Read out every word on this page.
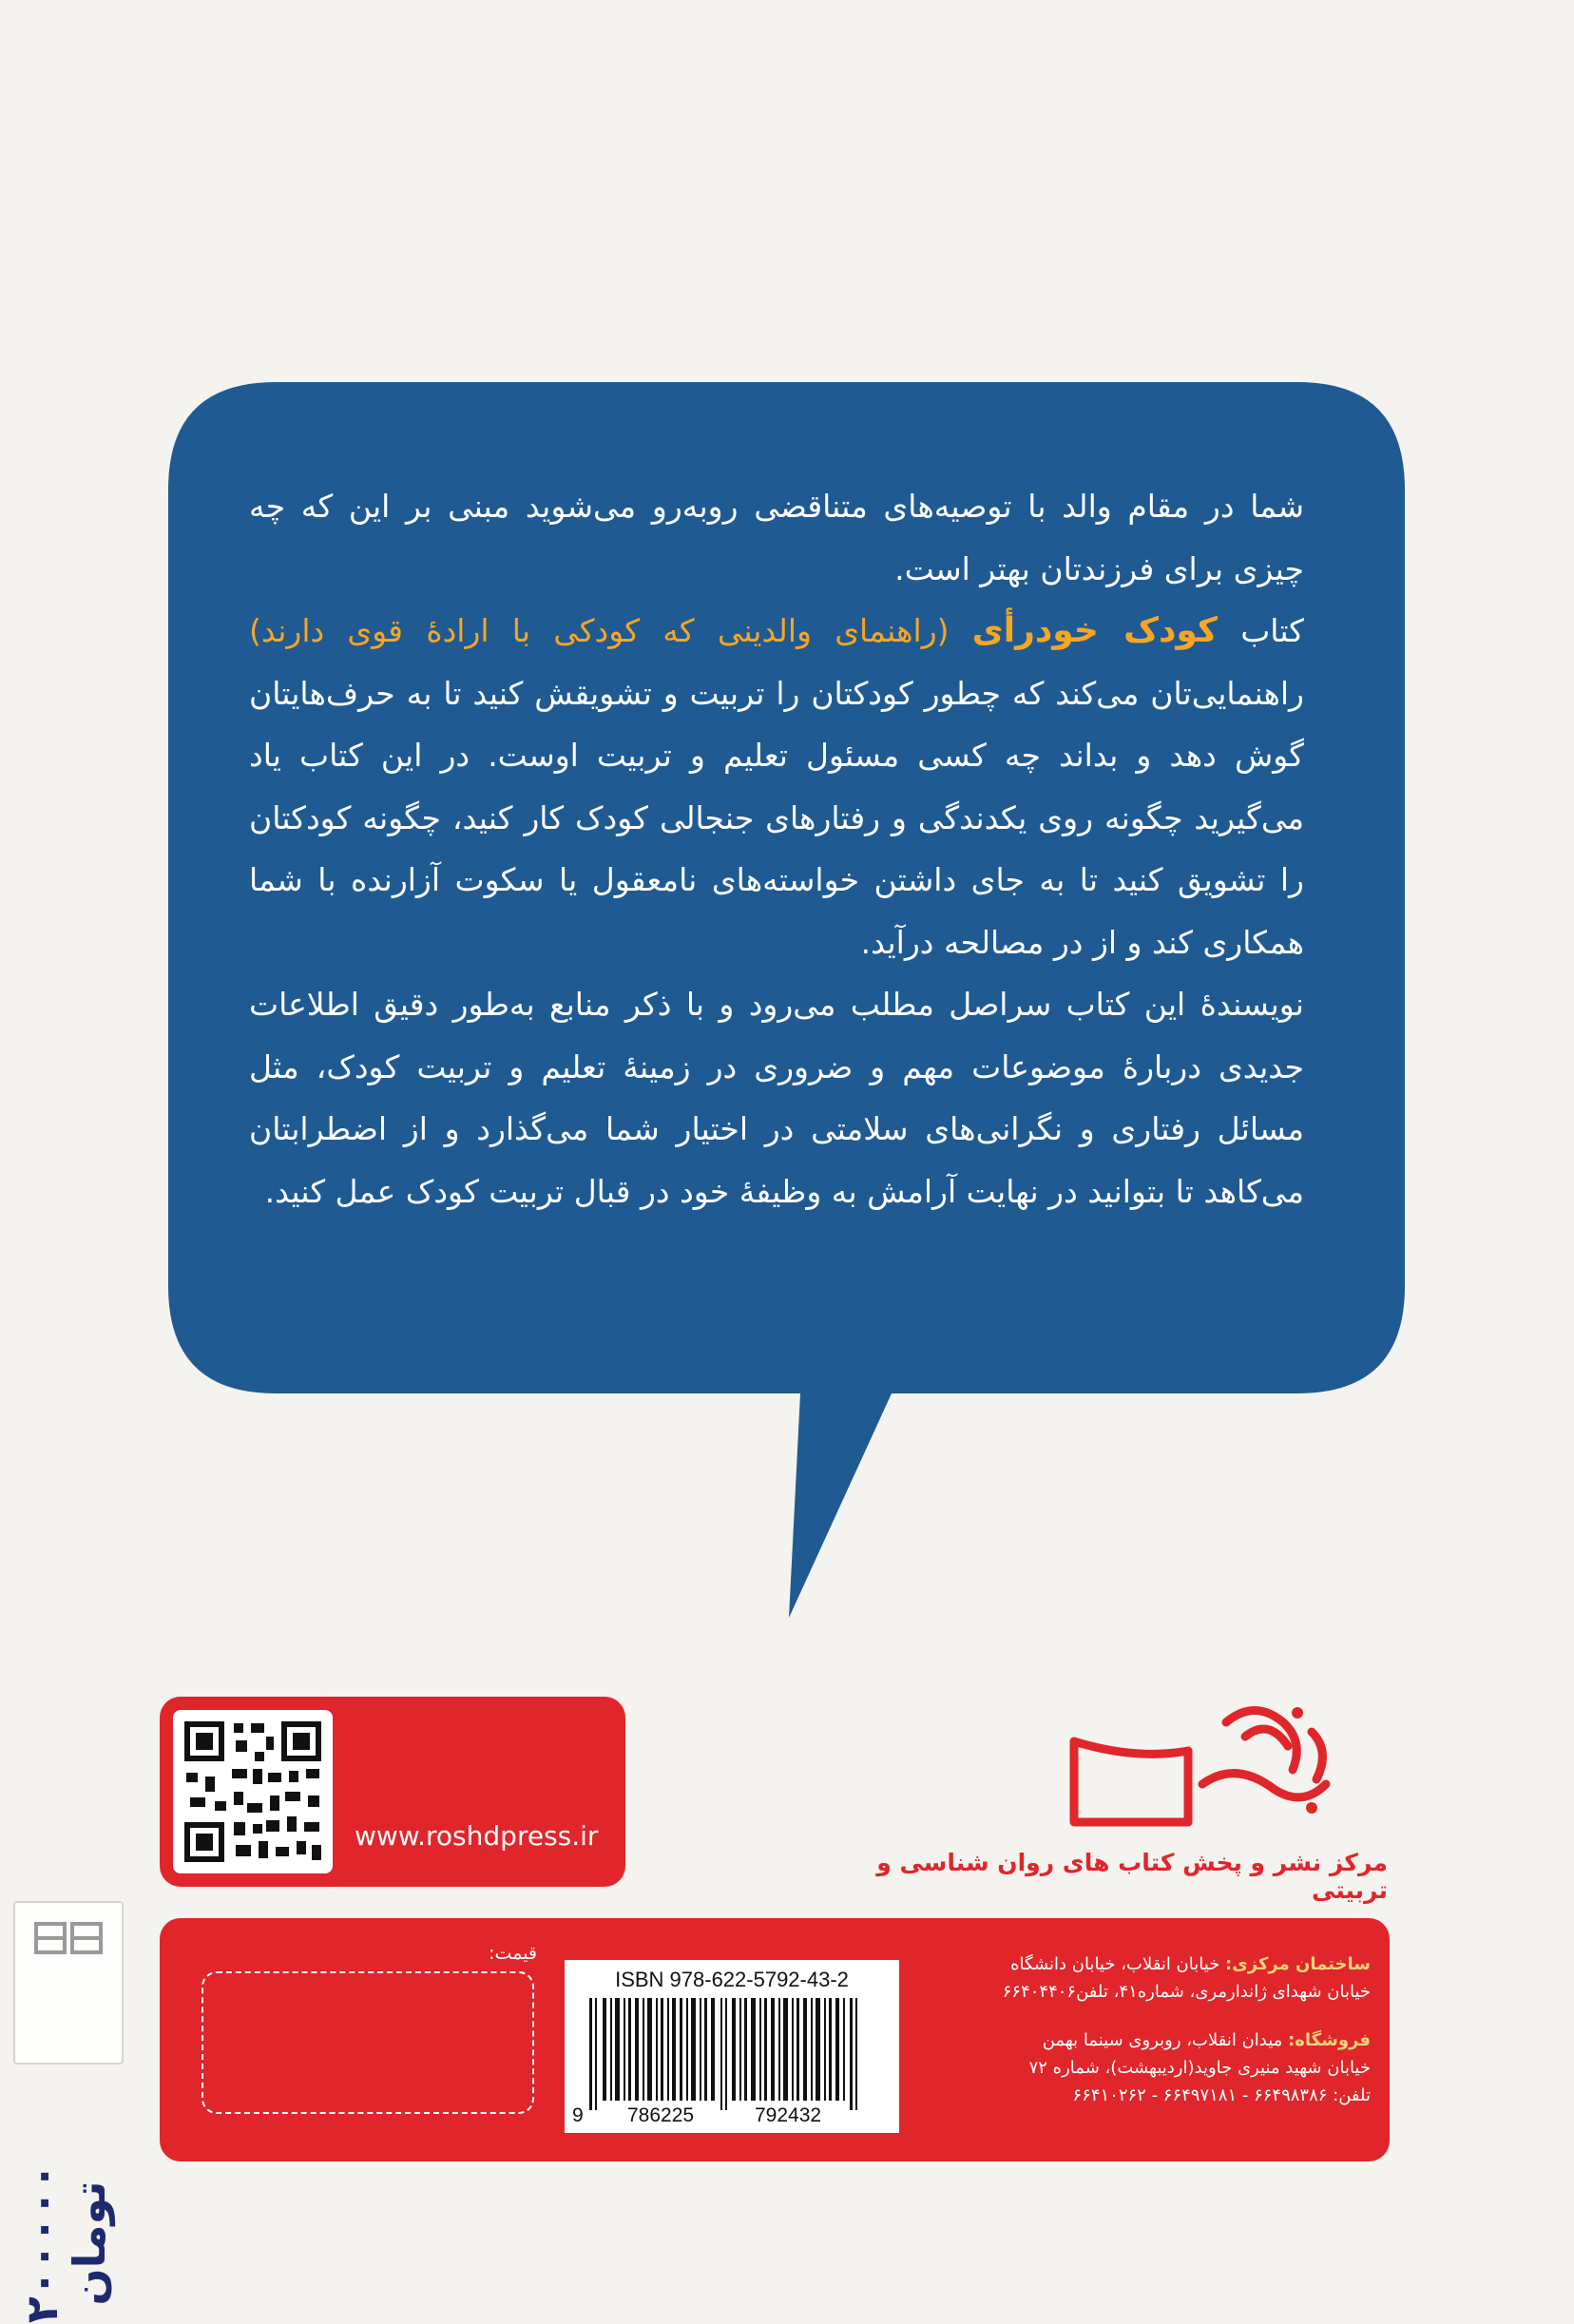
شما در مقام والد با توصیه‌های متناقضی روبه‌رو می‌شوید مبنی بر این که چه چیزی برای فرزندتان بهتر است.

کتاب کودک خودرأی (راهنمای والدینی که کودکی با ارادهٔ قوی دارند) راهنمایی‌تان می‌کند که چطور کودکتان را تربیت و تشویقش کنید تا به حرف‌هایتان گوش دهد و بداند چه کسی مسئول تعلیم و تربیت اوست. در این کتاب یاد می‌گیرید چگونه روی یکدندگی و رفتارهای جنجالی کودک کار کنید، چگونه کودکتان را تشویق کنید تا به جای داشتن خواسته‌های نامعقول یا سکوت آزارنده با شما همکاری کند و از در مصالحه درآید.

نویسندهٔ این کتاب سراصل مطلب می‌رود و با ذکر منابع به‌طور دقیق اطلاعات جدیدی دربارهٔ موضوعات مهم و ضروری در زمینهٔ تعلیم و تربیت کودک، مثل مسائل رفتاری و نگرانی‌های سلامتی در اختیار شما می‌گذارد و از اضطرابتان می‌کاهد تا بتوانید در نهایت آرامش به وظیفهٔ خود در قبال تربیت کودک عمل کنید.

www.roshdpress.ir
مرکز نشر و پخش کتاب های روان شناسی و تربیتی
قیمت:
ISBN 978-622-5792-43-2
9 786225	792432
ساختمان مرکزی: خیابان انقلاب، خیابان دانشگاه
خیابان شهدای ژاندارمری، شماره۴۱، تلفن۶۶۴۰۴۴۰۶
فروشگاه: میدان انقلاب، روبروی سینما بهمن
خیابان شهید منیری جاوید(اردیبهشت)، شماره ۷۲
تلفن: ۶۶۴۹۸۳۸۶ - ۶۶۴۹۷۱۸۱ - ۶۶۴۱۰۲۶۲
۲۰۰۰۰۰ تومان
